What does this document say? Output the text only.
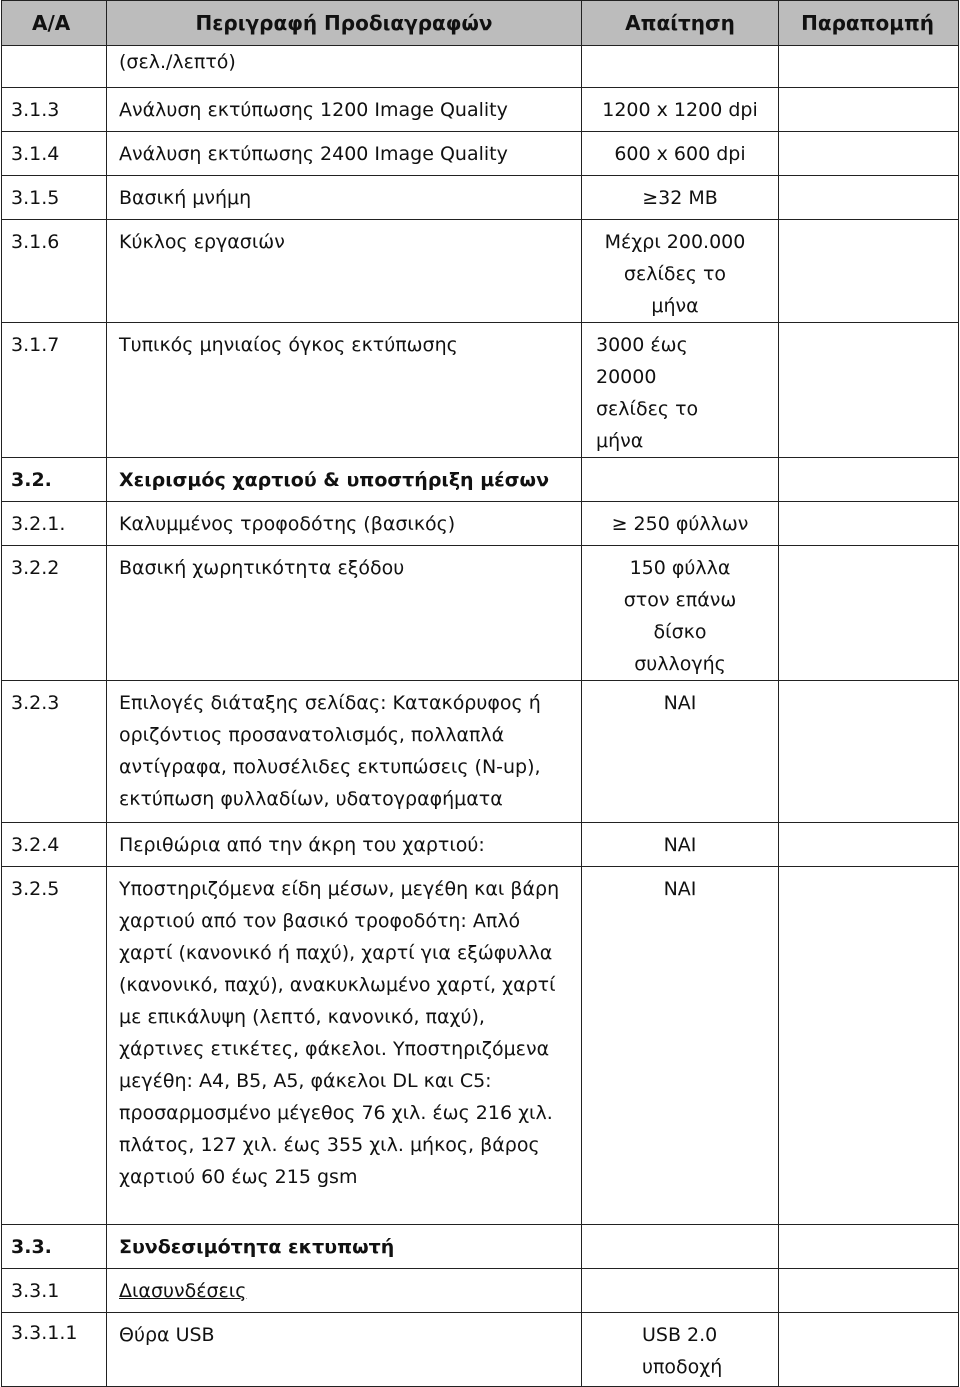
Α/Α	Περιγραφή Προδιαγραφών	Απαίτηση	Παραπομπή
	(σελ./λεπτό)		
3.1.3	Ανάλυση εκτύπωσης 1200 Image Quality	1200 x 1200 dpi	
3.1.4	Ανάλυση εκτύπωσης 2400 Image Quality	600 x 600 dpi	
3.1.5	Βασική μνήμη	≥32 MB	
3.1.6	Κύκλος εργασιών	Μέχρι 200.000 σελίδες το μήνα	
3.1.7	Τυπικός μηνιαίος όγκος εκτύπωσης	3000 έως 20000 σελίδες το μήνα	
3.2.	Χειρισμός χαρτιού & υποστήριξη μέσων		
3.2.1.	Καλυμμένος τροφοδότης (βασικός)	≥ 250 φύλλων	
3.2.2	Βασική χωρητικότητα εξόδου	150 φύλλα στον επάνω δίσκο συλλογής	
3.2.3	Επιλογές διάταξης σελίδας: Κατακόρυφος ή οριζόντιος προσανατολισμός, πολλαπλά αντίγραφα, πολυσέλιδες εκτυπώσεις (N-up), εκτύπωση φυλλαδίων, υδατογραφήματα	ΝΑΙ	
3.2.4	Περιθώρια από την άκρη του χαρτιού:	ΝΑΙ	
3.2.5	Υποστηριζόμενα είδη μέσων, μεγέθη και βάρη χαρτιού από τον βασικό τροφοδότη: Απλό χαρτί (κανονικό ή παχύ), χαρτί για εξώφυλλα (κανονικό, παχύ), ανακυκλωμένο χαρτί, χαρτί με επικάλυψη (λεπτό, κανονικό, παχύ), χάρτινες ετικέτες, φάκελοι. Υποστηριζόμενα μεγέθη: A4, B5, A5, φάκελοι DL και C5: προσαρμοσμένο μέγεθος 76 χιλ. έως 216 χιλ. πλάτος, 127 χιλ. έως 355 χιλ. μήκος, βάρος χαρτιού 60 έως 215 gsm	ΝΑΙ	
3.3.	Συνδεσιμότητα εκτυπωτή		
3.3.1	Διασυνδέσεις		
3.3.1.1	Θύρα USB	USB 2.0 υποδοχή	
